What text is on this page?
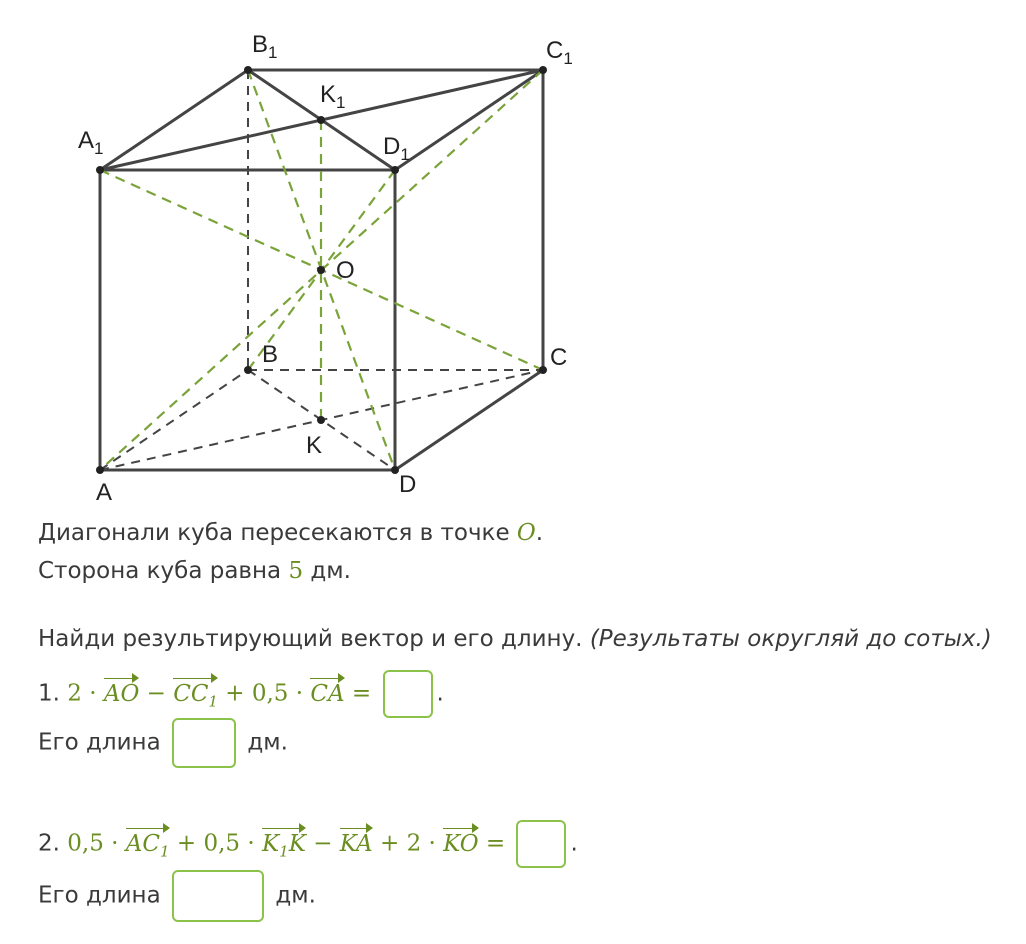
A
B	C
D
K
O
$A_1$
$B_1$	$C_1$
$D_1$
$K_1$
Диагонали куба пересекаются в точке O.
Сторона куба равна 5 дм.
Найди результирующий вектор и его длину. (Результаты округляй до сотых.)
1. 2 · AO − $CC_1 + 0,5$ · CA =	.
Его длина	дм.
2. $0,5 \cdot AC_1 + 0,5 \cdot K_1K$ − KA + 2 · KO =	.
Его длина	дм.
